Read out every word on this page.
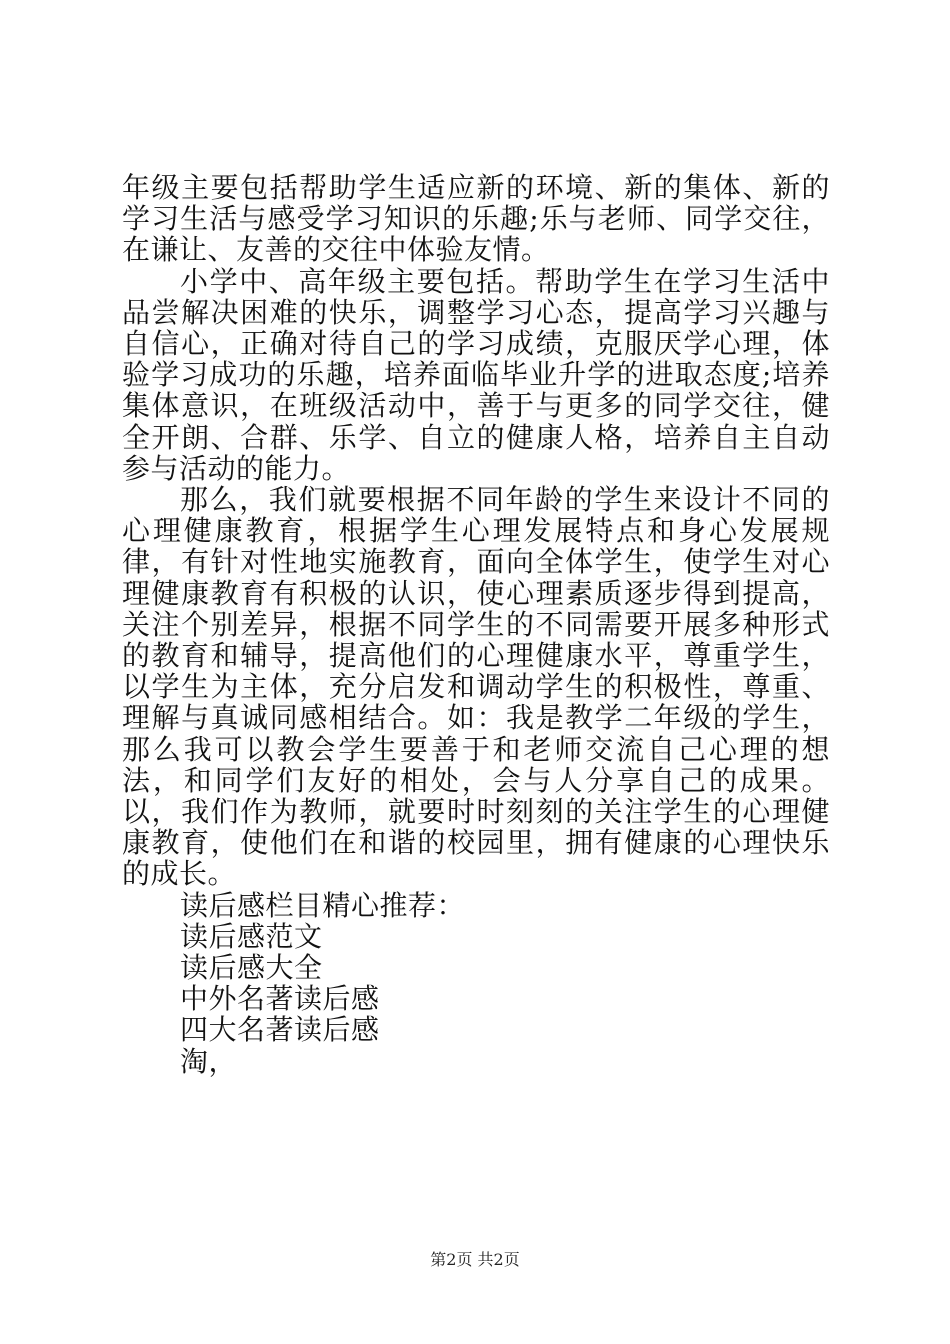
年级主要包括帮助学生适应新的环境、新的集体、新的学习生活与感受学习知识的乐趣;乐与老师、同学交往，在谦让、友善的交往中体验友情。

小学中、高年级主要包括。帮助学生在学习生活中品尝解决困难的快乐，调整学习心态，提高学习兴趣与自信心，正确对待自己的学习成绩，克服厌学心理，体验学习成功的乐趣，培养面临毕业升学的进取态度;培养集体意识，在班级活动中，善于与更多的同学交往，健全开朗、合群、乐学、自立的健康人格，培养自主自动参与活动的能力。

那么，我们就要根据不同年龄的学生来设计不同的心理健康教育，根据学生心理发展特点和身心发展规律，有针对性地实施教育，面向全体学生，使学生对心理健康教育有积极的认识，使心理素质逐步得到提高，关注个别差异，根据不同学生的不同需要开展多种形式的教育和辅导，提高他们的心理健康水平，尊重学生，以学生为主体，充分启发和调动学生的积极性，尊重、理解与真诚同感相结合。如：我是教学二年级的学生，那么我可以教会学生要善于和老师交流自己心理的想法，和同学们友好的相处，会与人分享自己的成果。以，我们作为教师，就要时时刻刻的关注学生的心理健康教育，使他们在和谐的校园里，拥有健康的心理快乐的成长。

读后感栏目精心推荐：

读后感范文
读后感大全
中外名著读后感
四大名著读后感
淘，
第2页 共2页
